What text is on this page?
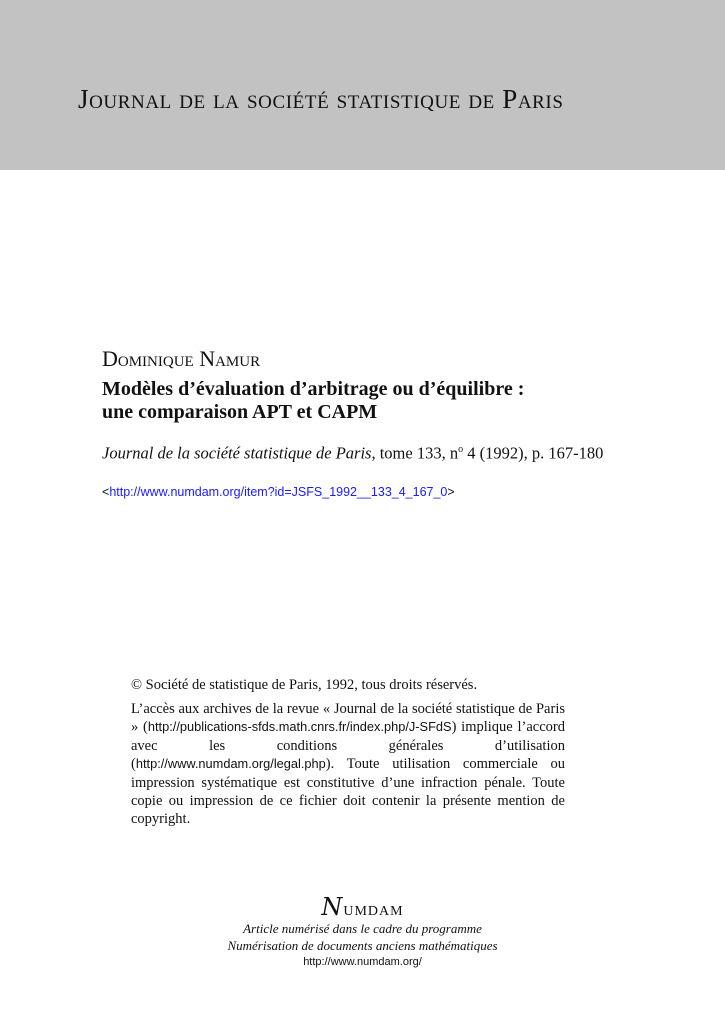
Journal de la société statistique de Paris
Dominique Namur
Modèles d’évaluation d’arbitrage ou d’équilibre :
une comparaison APT et CAPM
Journal de la société statistique de Paris, tome 133, $n^o$ 4 (1992), p. 167-180
<http://www.numdam.org/item?id=JSFS_1992__133_4_167_0>
© Société de statistique de Paris, 1992, tous droits réservés.
L’accès aux archives de la revue « Journal de la société statistique de Paris » (http://publications-sfds.math.cnrs.fr/index.php/J-SFdS) implique l’accord avec les conditions générales d’utilisation (http://www.numdam.org/legal.php). Toute utilisation commerciale ou impression systématique est constitutive d’une infraction pénale. Toute copie ou impression de ce fichier doit contenir la présente mention de copyright.
Numdam
Article numérisé dans le cadre du programme
Numérisation de documents anciens mathématiques
http://www.numdam.org/
